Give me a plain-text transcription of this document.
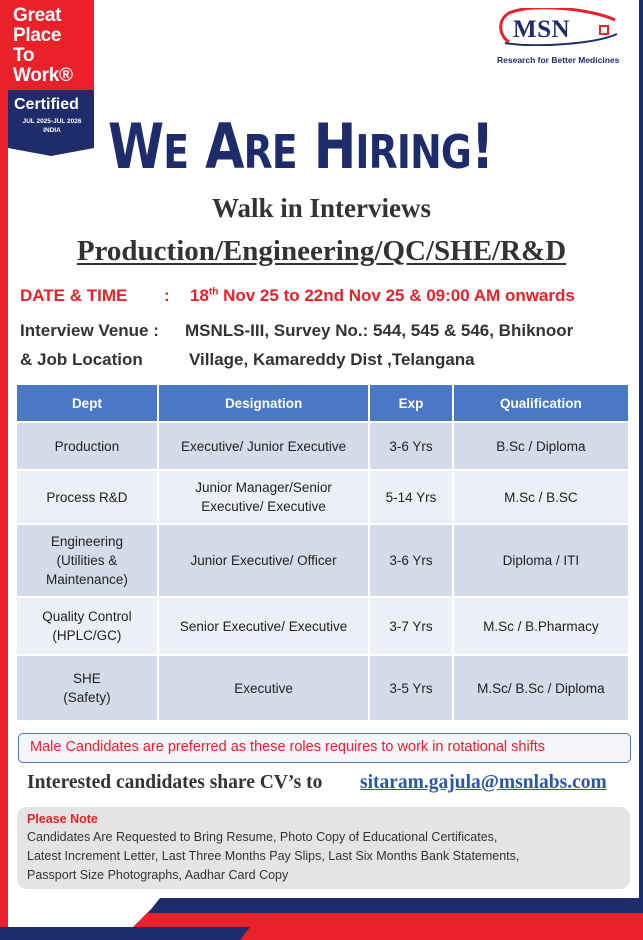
Great
Place
To
Work®
Certified
JUL 2025-JUL 2026
INDIA
MSN
Research for Better Medicines
WE ARE HIRING!
Walk in Interviews
Production/Engineering/QC/SHE/R&D
DATE & TIME : 18th Nov 25 to 22nd Nov 25 & 09:00 AM onwards
Interview Venue :
& Job Location
MSNLS-III, Survey No.: 544, 545 & 546, Bhiknoor
Village, Kamareddy Dist ,Telangana
Dept	Designation	Exp	Qualification
Production	Executive/ Junior Executive	3-6 Yrs	B.Sc / Diploma
Process R&D	Junior Manager/Senior Executive/ Executive	5-14 Yrs	M.Sc / B.SC
Engineering (Utilities & Maintenance)	Junior Executive/ Officer	3-6 Yrs	Diploma / ITI
Quality Control (HPLC/GC)	Senior Executive/ Executive	3-7 Yrs	M.Sc / B.Pharmacy
SHE (Safety)	Executive	3-5 Yrs	M.Sc/ B.Sc / Diploma
Male Candidates are preferred as these roles requires to work in rotational shifts
Interested candidates share CV’s to sitaram.gajula@msnlabs.com
Please Note
Candidates Are Requested to Bring Resume, Photo Copy of Educational Certificates,
Latest Increment Letter, Last Three Months Pay Slips, Last Six Months Bank Statements,
Passport Size Photographs, Aadhar Card Copy
